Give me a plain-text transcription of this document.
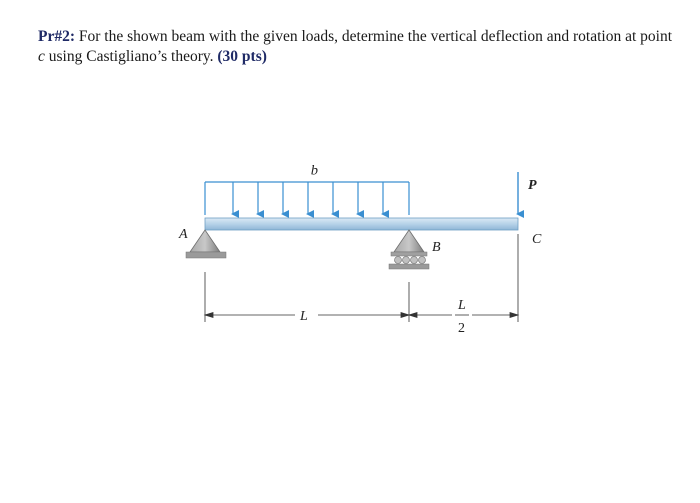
Pr#2: For the shown beam with the given loads, determine the vertical deflection and rotation at point
c using Castigliano’s theory. (30 pts)
q
P
A
B
C
L
L
2
